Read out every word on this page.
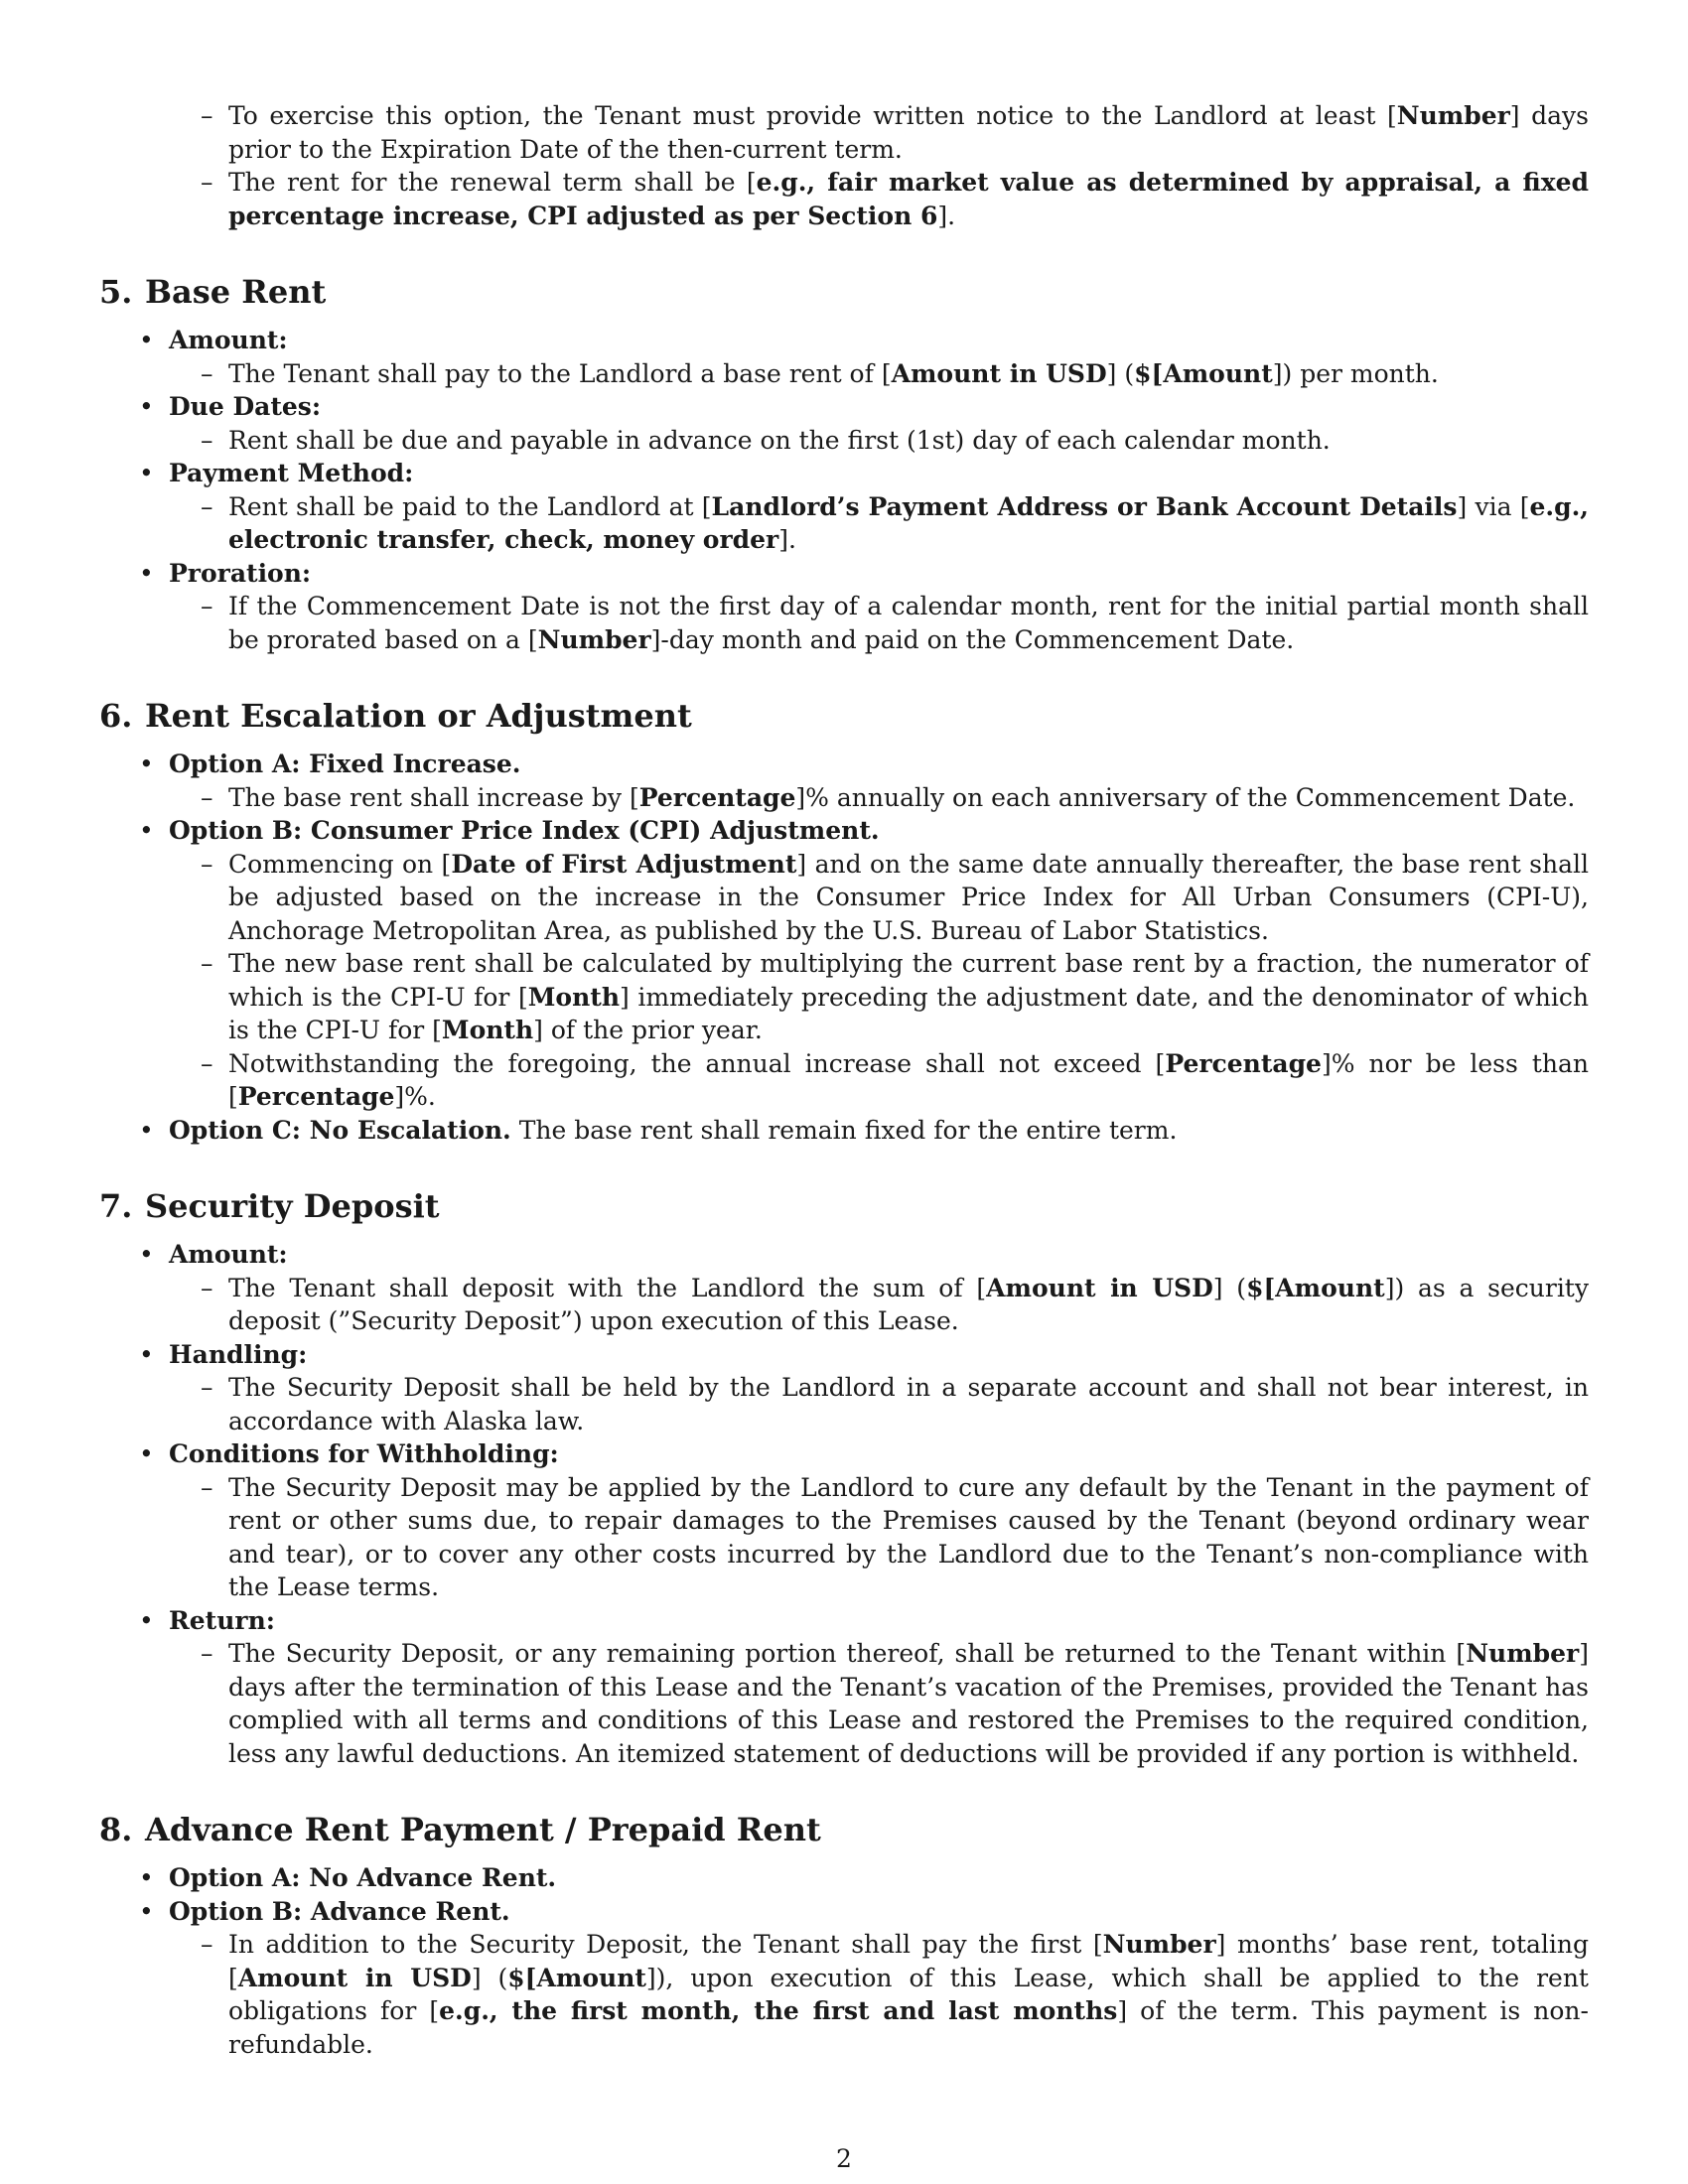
– To exercise this option, the Tenant must provide written notice to the Landlord at least [Number] days prior to the Expiration Date of the then-current term.
– The rent for the renewal term shall be [e.g., fair market value as determined by appraisal, a fixed percentage increase, CPI adjusted as per Section 6].
5. Base Rent
• Amount:
– The Tenant shall pay to the Landlord a base rent of [Amount in USD] ($[Amount]) per month.
• Due Dates:
– Rent shall be due and payable in advance on the first (1st) day of each calendar month.
• Payment Method:
– Rent shall be paid to the Landlord at [Landlord’s Payment Address or Bank Account Details] via [e.g., electronic transfer, check, money order].
• Proration:
– If the Commencement Date is not the first day of a calendar month, rent for the initial partial month shall be prorated based on a [Number]-day month and paid on the Commencement Date.
6. Rent Escalation or Adjustment
• Option A: Fixed Increase.
– The base rent shall increase by [Percentage]% annually on each anniversary of the Commencement Date.
• Option B: Consumer Price Index (CPI) Adjustment.
– Commencing on [Date of First Adjustment] and on the same date annually thereafter, the base rent shall be adjusted based on the increase in the Consumer Price Index for All Urban Consumers (CPI-U), Anchorage Metropolitan Area, as published by the U.S. Bureau of Labor Statistics.
– The new base rent shall be calculated by multiplying the current base rent by a fraction, the numerator of which is the CPI-U for [Month] immediately preceding the adjustment date, and the denominator of which is the CPI-U for [Month] of the prior year.
– Notwithstanding the foregoing, the annual increase shall not exceed [Percentage]% nor be less than [Percentage]%.
• Option C: No Escalation. The base rent shall remain fixed for the entire term.
7. Security Deposit
• Amount:
– The Tenant shall deposit with the Landlord the sum of [Amount in USD] ($[Amount]) as a security deposit (”Security Deposit”) upon execution of this Lease.
• Handling:
– The Security Deposit shall be held by the Landlord in a separate account and shall not bear interest, in accordance with Alaska law.
• Conditions for Withholding:
– The Security Deposit may be applied by the Landlord to cure any default by the Tenant in the payment of rent or other sums due, to repair damages to the Premises caused by the Tenant (beyond ordinary wear and tear), or to cover any other costs incurred by the Landlord due to the Tenant’s non-compliance with the Lease terms.
• Return:
– The Security Deposit, or any remaining portion thereof, shall be returned to the Tenant within [Number] days after the termination of this Lease and the Tenant’s vacation of the Premises, provided the Tenant has complied with all terms and conditions of this Lease and restored the Premises to the required condition, less any lawful deductions. An itemized statement of deductions will be provided if any portion is withheld.
8. Advance Rent Payment / Prepaid Rent
• Option A: No Advance Rent.
• Option B: Advance Rent.
– In addition to the Security Deposit, the Tenant shall pay the first [Number] months’ base rent, totaling [Amount in USD] ($[Amount]), upon execution of this Lease, which shall be applied to the rent obligations for [e.g., the first month, the first and last months] of the term. This payment is non-refundable.
2
